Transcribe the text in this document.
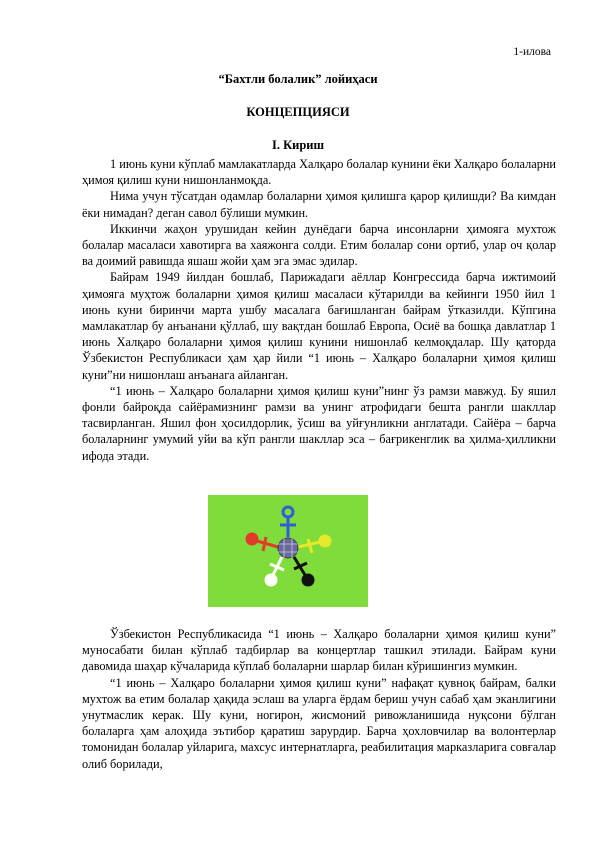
1-илова
“Бахтли болалик” лойиҳаси
КОНЦЕПЦИЯСИ
I. Кириш

1 июнь куни кўплаб мамлакатларда Халқаро болалар кунини ёки Халқаро болаларни ҳимоя қилиш куни нишонланмоқда.

Нима учун тўсатдан одамлар болаларни ҳимоя қилишга қарор қилишди? Ва кимдан ёки нимадан? деган савол бўлиши мумкин.

Иккинчи жаҳон урушидан кейин дунёдаги барча инсонларни ҳимояга мухтож болалар масаласи хавотирга ва хаяжонга солди. Етим болалар сони ортиб, улар оч қолар ва доимий равишда яшаш жойи ҳам эга эмас эдилар.

Байрам 1949 йилдан бошлаб, Парижадаги аёллар Конгрессида барча ижтимоий ҳимояга муҳтож болаларни ҳимоя қилиш масаласи кўтарилди ва кейинги 1950 йил 1 июнь куни биринчи марта ушбу масалага бағишланган байрам ўтказилди. Кўпгина мамлакатлар бу анъанани қўллаб, шу вақтдан бошлаб Европа, Осиё ва бошқа давлатлар 1 июнь Халқаро болаларни ҳимоя қилиш кунини нишонлаб келмоқдалар. Шу қаторда Ўзбекистон Республикаси ҳам ҳар йили “1 июнь – Халқаро болаларни ҳимоя қилиш куни”ни нишонлаш анъанага айланган.

“1 июнь – Халқаро болаларни ҳимоя қилиш куни”нинг ўз рамзи мавжуд. Бу яшил фонли байроқда сайёрамизнинг рамзи ва унинг атрофидаги бешта рангли шакллар тасвирланган. Яшил фон ҳосилдорлик, ўсиш ва уйғунликни англатади. Сайёра – барча болаларнинг умумий уйи ва кўп рангли шакллар эса – бағрикенглик ва ҳилма-ҳилликни ифода этади.

Ўзбекистон Республикасида “1 июнь – Халқаро болаларни ҳимоя қилиш куни” муносабати билан кўплаб тадбирлар ва концертлар ташкил этилади. Байрам куни давомида шаҳар кўчаларида кўплаб болаларни шарлар билан кўришингиз мумкин.

“1 июнь – Халқаро болаларни ҳимоя қилиш куни” нафақат қувноқ байрам, балки мухтож ва етим болалар ҳақида эслаш ва уларга ёрдам бериш учун сабаб ҳам эканлигини унутмаслик керак. Шу куни, ногирон, жисмоний ривожланишида нуқсони бўлган болаларга ҳам алоҳида эътибор қаратиш зарурдир. Барча ҳохловчилар ва волонтерлар томонидан болалар уйларига, махсус интернатларга, реабилитация марказларига совғалар олиб борилади,
